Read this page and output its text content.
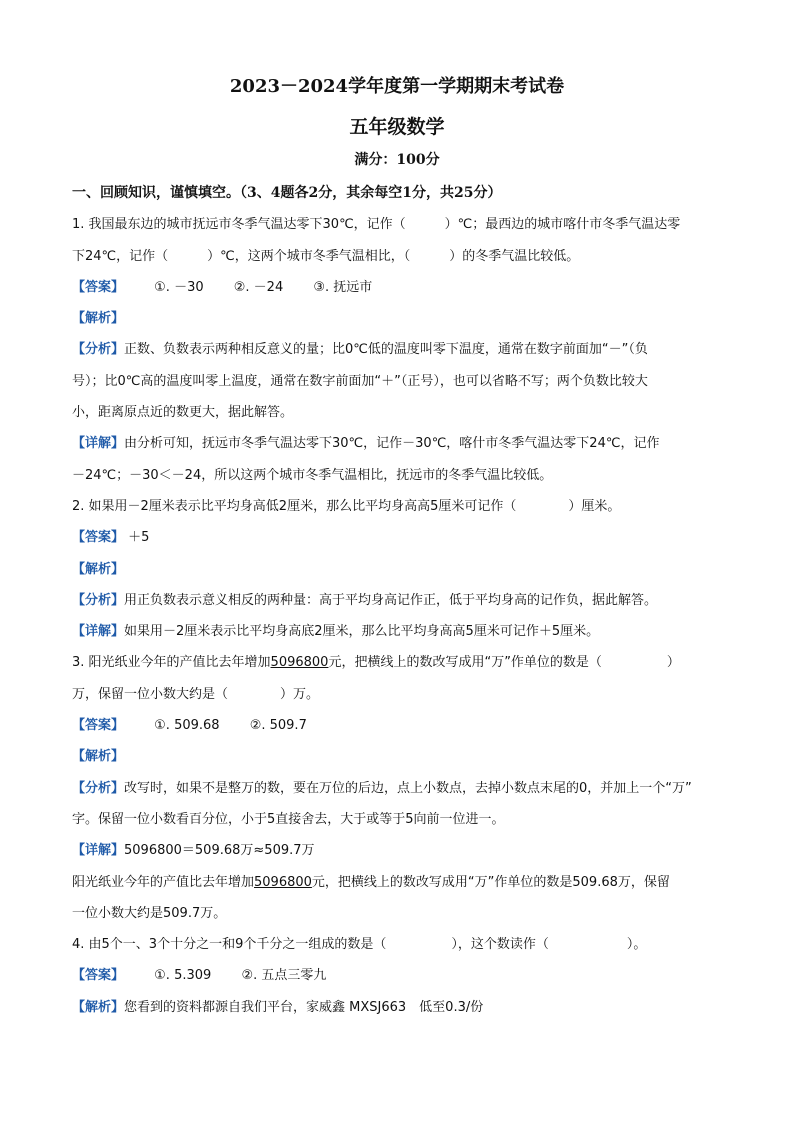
2023－2024学年度第一学期期末考试卷
五年级数学
满分：100分
一、回顾知识，谨慎填空。（3、4题各2分，其余每空1分，共25分）
1. 我国最东边的城市抚远市冬季气温达零下30℃，记作（　　　）℃；最西边的城市喀什市冬季气温达零
下24℃，记作（　　　）℃，这两个城市冬季气温相比，（　　　）的冬季气温比较低。
【答案】 ①. －30 ②. －24 ③. 抚远市
【解析】
【分析】正数、负数表示两种相反意义的量；比0℃低的温度叫零下温度，通常在数字前面加“－”（负
号）；比0℃高的温度叫零上温度，通常在数字前面加“＋”（正号），也可以省略不写；两个负数比较大
小，距离原点近的数更大，据此解答。
【详解】由分析可知，抚远市冬季气温达零下30℃，记作－30℃，喀什市冬季气温达零下24℃，记作
－24℃；－30＜－24，所以这两个城市冬季气温相比，抚远市的冬季气温比较低。
2. 如果用－2厘米表示比平均身高低2厘米，那么比平均身高高5厘米可记作（　　　　）厘米。
【答案】 ＋5
【解析】
【分析】用正负数表示意义相反的两种量：高于平均身高记作正，低于平均身高的记作负，据此解答。
【详解】如果用－2厘米表示比平均身高底2厘米，那么比平均身高高5厘米可记作＋5厘米。
3. 阳光纸业今年的产值比去年增加5096800元，把横线上的数改写成用“万”作单位的数是（　　　　　）
万，保留一位小数大约是（　　　　）万。
【答案】 ①. 509.68 ②. 509.7
【解析】
【分析】改写时，如果不是整万的数，要在万位的后边，点上小数点，去掉小数点末尾的0，并加上一个“万”
字。保留一位小数看百分位，小于5直接舍去，大于或等于5向前一位进一。
【详解】5096800＝509.68万≈509.7万
阳光纸业今年的产值比去年增加5096800元，把横线上的数改写成用“万”作单位的数是509.68万，保留
一位小数大约是509.7万。
4. 由5个一、3个十分之一和9个千分之一组成的数是（　　　　　），这个数读作（　　　　　　）。
【答案】 ①. 5.309 ②. 五点三零九
【解析】您看到的资料都源自我们平台，家威鑫 MXSJ663　低至0.3/份
